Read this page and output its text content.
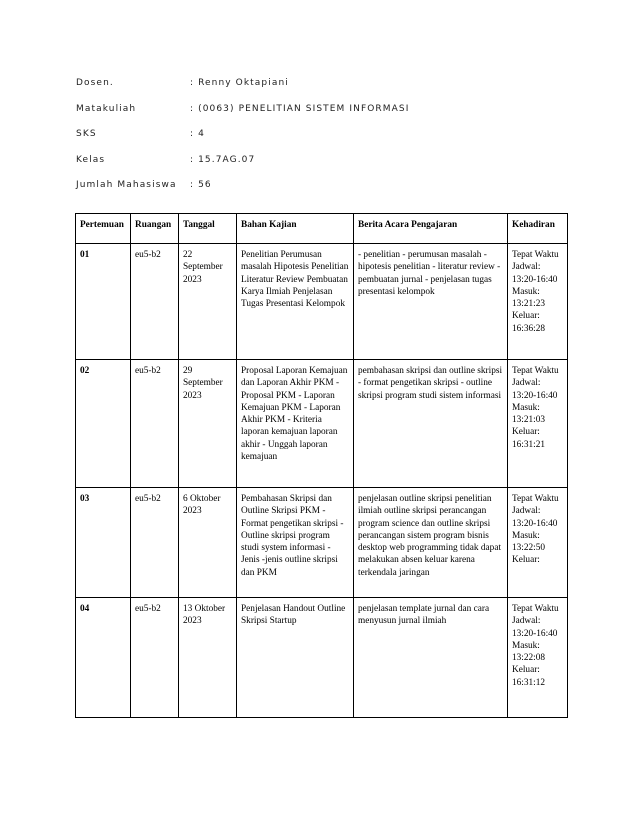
Dosen.	: Renny Oktapiani
Matakuliah	: (0063) PENELITIAN SISTEM INFORMASI
SKS	: 4
Kelas	: 15.7AG.07
Jumlah Mahasiswa	: 56
Pertemuan	Ruangan	Tanggal	Bahan Kajian	Berita Acara Pengajaran	Kehadiran
01	eu5-b2	22 September 2023	Penelitian Perumusan masalah Hipotesis Penelitian Literatur Review Pembuatan Karya Ilmiah Penjelasan Tugas Presentasi Kelompok	- penelitian - perumusan masalah - hipotesis penelitian - literatur review - pembuatan jurnal - penjelasan tugas presentasi kelompok	Tepat Waktu Jadwal: 13:20-16:40 Masuk: 13:21:23 Keluar: 16:36:28
02	eu5-b2	29 September 2023	Proposal Laporan Kemajuan dan Laporan Akhir PKM - Proposal PKM - Laporan Kemajuan PKM - Laporan Akhir PKM - Kriteria laporan kemajuan laporan akhir - Unggah laporan kemajuan	pembahasan skripsi dan outline skripsi - format pengetikan skripsi - outline skripsi program studi sistem informasi	Tepat Waktu Jadwal: 13:20-16:40 Masuk: 13:21:03 Keluar: 16:31:21
03	eu5-b2	6 Oktober 2023	Pembahasan Skripsi dan Outline Skripsi PKM - Format pengetikan skripsi - Outline skripsi program studi system informasi - Jenis -jenis outline skripsi dan PKM	penjelasan outline skripsi penelitian ilmiah outline skripsi perancangan program science dan outline skripsi perancangan sistem program bisnis desktop web programming tidak dapat melakukan absen keluar karena terkendala jaringan	Tepat Waktu Jadwal: 13:20-16:40 Masuk: 13:22:50 Keluar:
04	eu5-b2	13 Oktober 2023	Penjelasan Handout Outline Skripsi Startup	penjelasan template jurnal dan cara menyusun jurnal ilmiah	Tepat Waktu Jadwal: 13:20-16:40 Masuk: 13:22:08 Keluar: 16:31:12
